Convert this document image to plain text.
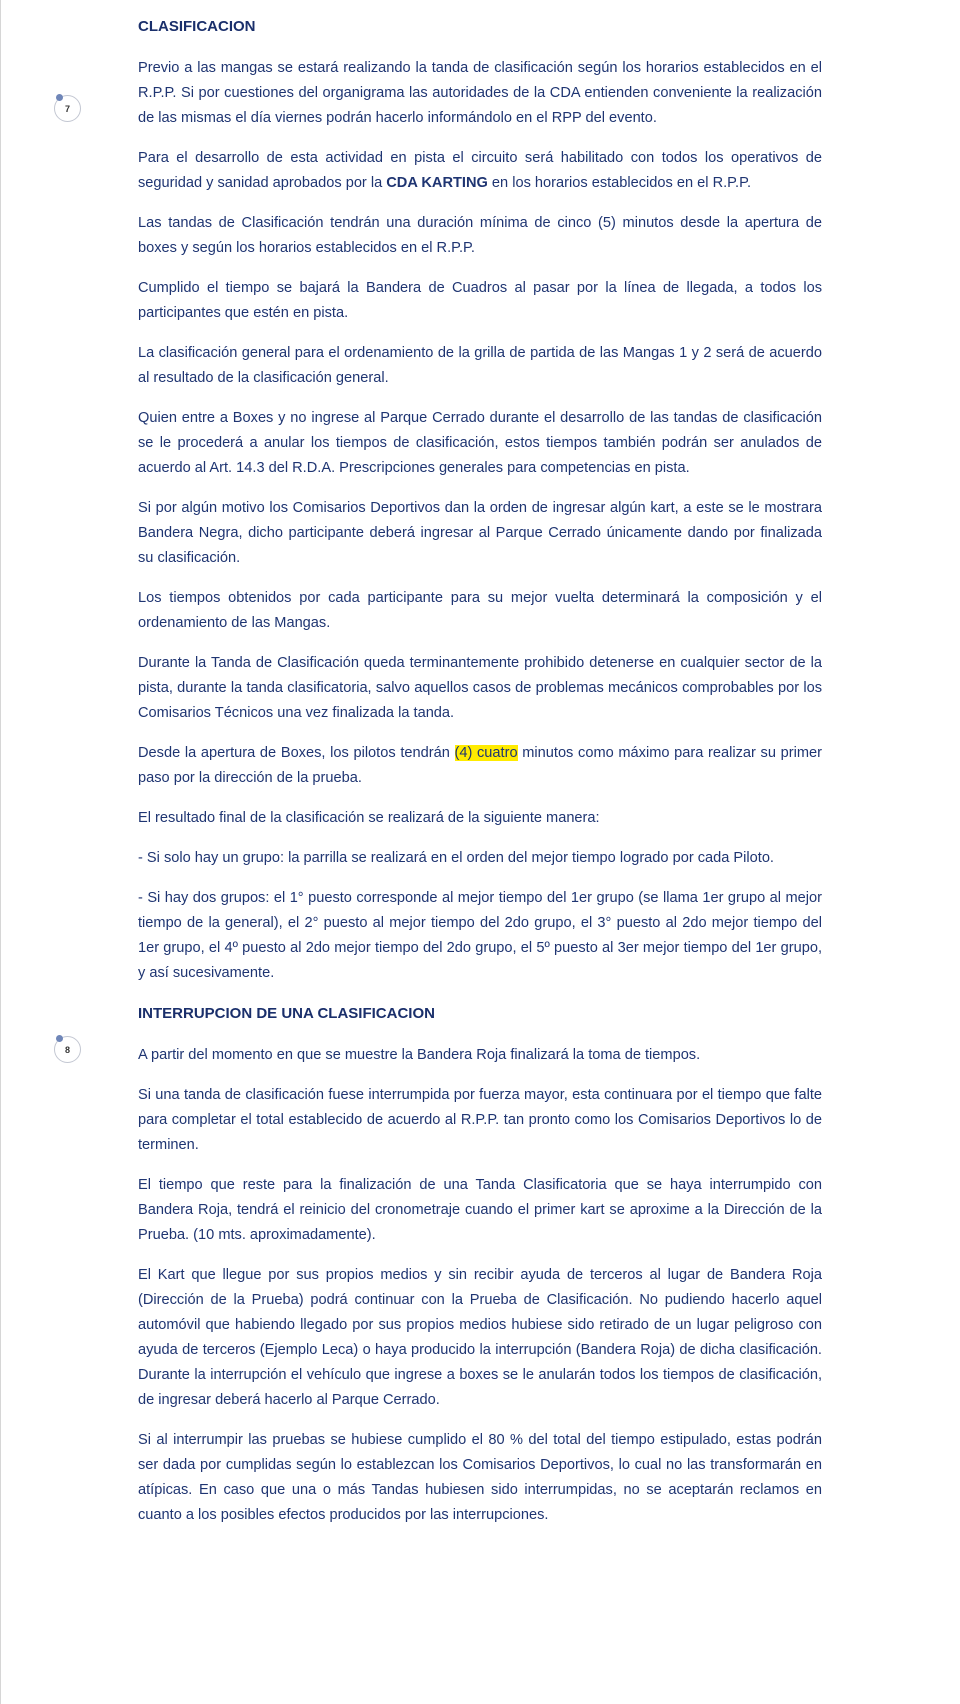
7
8
CLASIFICACION

Previo a las mangas se estará realizando la tanda de clasificación según los horarios establecidos en el R.P.P. Si por cuestiones del organigrama las autoridades de la CDA entienden conveniente la realización de las mismas el día viernes podrán hacerlo informándolo en el RPP del evento.

Para el desarrollo de esta actividad en pista el circuito será habilitado con todos los operativos de seguridad y sanidad aprobados por la CDA KARTING en los horarios establecidos en el R.P.P.

Las tandas de Clasificación tendrán una duración mínima de cinco (5) minutos desde la apertura de boxes y según los horarios establecidos en el R.P.P.

Cumplido el tiempo se bajará la Bandera de Cuadros al pasar por la línea de llegada, a todos los participantes que estén en pista.

La clasificación general para el ordenamiento de la grilla de partida de las Mangas 1 y 2 será de acuerdo al resultado de la clasificación general.

Quien entre a Boxes y no ingrese al Parque Cerrado durante el desarrollo de las tandas de clasificación se le procederá a anular los tiempos de clasificación, estos tiempos también podrán ser anulados de acuerdo al Art. 14.3 del R.D.A. Prescripciones generales para competencias en pista.

Si por algún motivo los Comisarios Deportivos dan la orden de ingresar algún kart, a este se le mostrara Bandera Negra, dicho participante deberá ingresar al Parque Cerrado únicamente dando por finalizada su clasificación.

Los tiempos obtenidos por cada participante para su mejor vuelta determinará la composición y el ordenamiento de las Mangas.

Durante la Tanda de Clasificación queda terminantemente prohibido detenerse en cualquier sector de la pista, durante la tanda clasificatoria, salvo aquellos casos de problemas mecánicos comprobables por los Comisarios Técnicos una vez finalizada la tanda.

Desde la apertura de Boxes, los pilotos tendrán (4) cuatro minutos como máximo para realizar su primer paso por la dirección de la prueba.

El resultado final de la clasificación se realizará de la siguiente manera:

- Si solo hay un grupo: la parrilla se realizará en el orden del mejor tiempo logrado por cada Piloto.

- Si hay dos grupos: el 1° puesto corresponde al mejor tiempo del 1er grupo (se llama 1er grupo al mejor tiempo de la general), el 2° puesto al mejor tiempo del 2do grupo, el 3° puesto al 2do mejor tiempo del 1er grupo, el 4º puesto al 2do mejor tiempo del 2do grupo, el 5º puesto al 3er mejor tiempo del 1er grupo, y así sucesivamente.

INTERRUPCION DE UNA CLASIFICACION

A partir del momento en que se muestre la Bandera Roja finalizará la toma de tiempos.

Si una tanda de clasificación fuese interrumpida por fuerza mayor, esta continuara por el tiempo que falte para completar el total establecido de acuerdo al R.P.P. tan pronto como los Comisarios Deportivos lo de terminen.

El tiempo que reste para la finalización de una Tanda Clasificatoria que se haya interrumpido con Bandera Roja, tendrá el reinicio del cronometraje cuando el primer kart se aproxime a la Dirección de la Prueba. (10 mts. aproximadamente).

El Kart que llegue por sus propios medios y sin recibir ayuda de terceros al lugar de Bandera Roja (Dirección de la Prueba) podrá continuar con la Prueba de Clasificación. No pudiendo hacerlo aquel automóvil que habiendo llegado por sus propios medios hubiese sido retirado de un lugar peligroso con ayuda de terceros (Ejemplo Leca) o haya producido la interrupción (Bandera Roja) de dicha clasificación. Durante la interrupción el vehículo que ingrese a boxes se le anularán todos los tiempos de clasificación, de ingresar deberá hacerlo al Parque Cerrado.

Si al interrumpir las pruebas se hubiese cumplido el 80 % del total del tiempo estipulado, estas podrán ser dada por cumplidas según lo establezcan los Comisarios Deportivos, lo cual no las transformarán en atípicas. En caso que una o más Tandas hubiesen sido interrumpidas, no se aceptarán reclamos en cuanto a los posibles efectos producidos por las interrupciones.
